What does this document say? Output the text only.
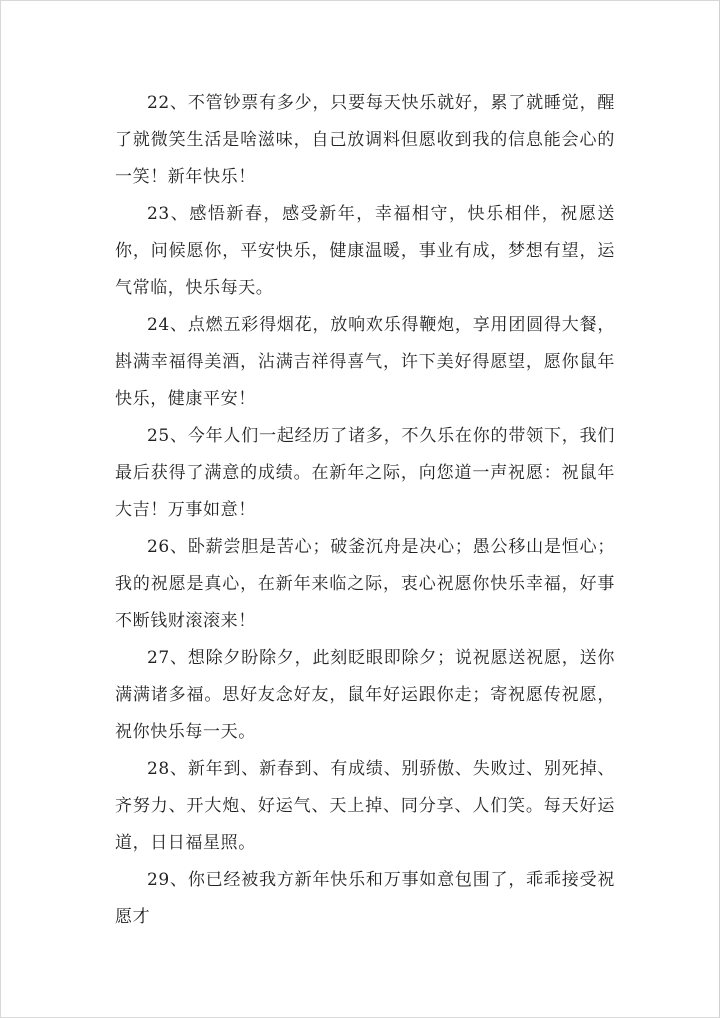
22、不管钞票有多少，只要每天快乐就好，累了就睡觉，醒了就微笑生活是啥滋味，自己放调料但愿收到我的信息能会心的一笑！新年快乐！

23、感悟新春，感受新年，幸福相守，快乐相伴，祝愿送你，问候愿你，平安快乐，健康温暖，事业有成，梦想有望，运气常临，快乐每天。

24、点燃五彩得烟花，放响欢乐得鞭炮，享用团圆得大餐，斟满幸福得美酒，沾满吉祥得喜气，许下美好得愿望，愿你鼠年快乐，健康平安！

25、今年人们一起经历了诸多，不久乐在你的带领下，我们最后获得了满意的成绩。在新年之际，向您道一声祝愿：祝鼠年大吉！万事如意！

26、卧薪尝胆是苦心；破釜沉舟是决心；愚公移山是恒心；我的祝愿是真心，在新年来临之际，衷心祝愿你快乐幸福，好事不断钱财滚滚来！

27、想除夕盼除夕，此刻眨眼即除夕；说祝愿送祝愿，送你满满诸多福。思好友念好友，鼠年好运跟你走；寄祝愿传祝愿，祝你快乐每一天。

28、新年到、新春到、有成绩、别骄傲、失败过、别死掉、齐努力、开大炮、好运气、天上掉、同分享、人们笑。每天好运道，日日福星照。

29、你已经被我方新年快乐和万事如意包围了，乖乖接受祝愿才
